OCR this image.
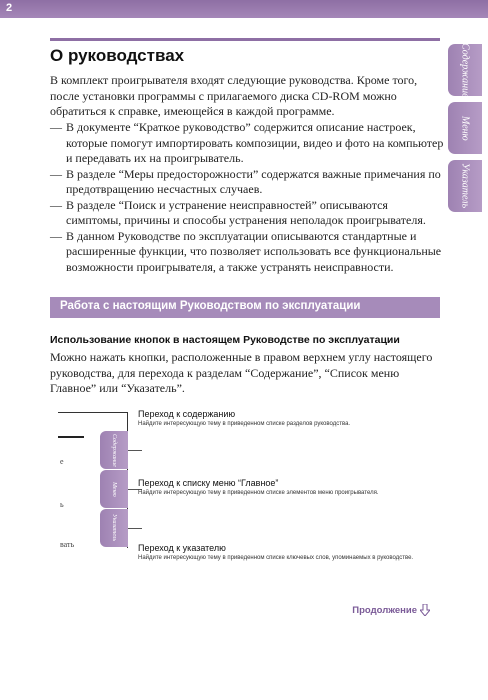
2
О руководствах	Содержание
Меню
Указатель

В комплект проигрывателя входят следующие руководства. Кроме того, после установки программы с прилагаемого диска CD-ROM можно обратиться к справке, имеющейся в каждой программе.

— В документе “Краткое руководство” содержится описание настроек, которые помогут импортировать композиции, видео и фото на компьютер и передавать их на проигрыватель.
— В разделе “Меры предосторожности” содержатся важные примечания по предотвращению несчастных случаев.
— В разделе “Поиск и устранение неисправностей” описываются симптомы, причины и способы устранения неполадок проигрывателя.
— В данном Руководстве по эксплуатации описываются стандартные и расширенные функции, что позволяет использовать все функциональные возможности проигрывателя, а также устранять неисправности.
Работа с настоящим Руководством по эксплуатации
Использование кнопок в настоящем Руководстве по эксплуатации

Можно нажать кнопки, расположенные в правом верхнем углу настоящего руководства, для перехода к разделам “Содержание”, “Список меню Главное” или “Указатель”.

e
ь
вать
Содержание
Меню
Указатель
Переход к содержанию
Найдите интересующую тему в приведенном списке разделов руководства.
Переход к списку меню “Главное”
Найдите интересующую тему в приведенном списке элементов меню проигрывателя.
Переход к указателю
Найдите интересующую тему в приведенном списке ключевых слов, упоминаемых в руководстве.
Продолжение
